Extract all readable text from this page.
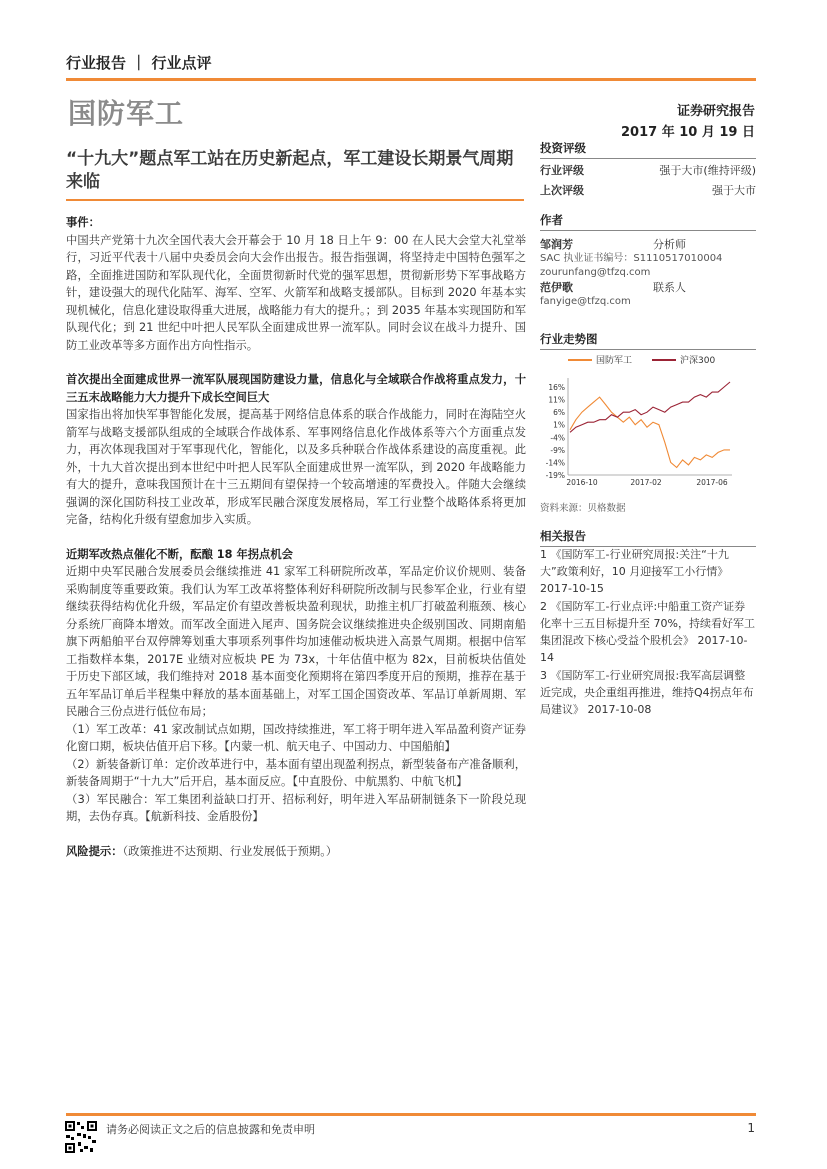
行业报告 ｜ 行业点评
国防军工	证券研究报告
2017 年 10 月 19 日
“十九大”题点军工站在历史新起点，军工建设长期景气周期来临

事件：

中国共产党第十九次全国代表大会开幕会于 10 月 18 日上午 9：00 在人民大会堂大礼堂举行，习近平代表十八届中央委员会向大会作出报告。报告指强调，将坚持走中国特色强军之路，全面推进国防和军队现代化，全面贯彻新时代党的强军思想，贯彻新形势下军事战略方针，建设强大的现代化陆军、海军、空军、火箭军和战略支援部队。目标到 2020 年基本实现机械化，信息化建设取得重大进展，战略能力有大的提升。；到 2035 年基本实现国防和军队现代化；到 21 世纪中叶把人民军队全面建成世界一流军队。同时会议在战斗力提升、国防工业改革等多方面作出方向性指示。

首次提出全面建成世界一流军队展现国防建设力量，信息化与全域联合作战将重点发力，十三五末战略能力大力提升下成长空间巨大

国家指出将加快军事智能化发展，提高基于网络信息体系的联合作战能力，同时在海陆空火箭军与战略支援部队组成的全域联合作战体系、军事网络信息化作战体系等六个方面重点发力，再次体现我国对于军事现代化，智能化，以及多兵种联合作战体系建设的高度重视。此外，十九大首次提出到本世纪中叶把人民军队全面建成世界一流军队，到 2020 年战略能力有大的提升，意味我国预计在十三五期间有望保持一个较高增速的军费投入。伴随大会继续强调的深化国防科技工业改革，形成军民融合深度发展格局，军工行业整个战略体系将更加完备，结构化升级有望愈加步入实质。

近期军改热点催化不断，酝酿 18 年拐点机会

近期中央军民融合发展委员会继续推进 41 家军工科研院所改革，军品定价议价规则、装备采购制度等重要政策。我们认为军工改革将整体利好科研院所改制与民参军企业，行业有望继续获得结构优化升级，军品定价有望改善板块盈利现状，助推主机厂打破盈利瓶颈、核心分系统厂商降本增效。而军改全面进入尾声、国务院会议继续推进央企级别国改、同期南船旗下两船舶平台双停牌筹划重大事项系列事件均加速催动板块进入高景气周期。根据中信军工指数样本集，2017E 业绩对应板块 PE 为 73x，十年估值中枢为 82x，目前板块估值处于历史下部区域，我们维持对 2018 基本面变化预期将在第四季度开启的预期，推荐在基于五年军品订单后半程集中释放的基本面基础上，对军工国企国资改革、军品订单新周期、军民融合三份点进行低位布局；

（1）军工改革：41 家改制试点如期，国改持续推进，军工将于明年进入军品盈利资产证券化窗口期，板块估值开启下移。【内蒙一机、航天电子、中国动力、中国船舶】

（2）新装备新订单：定价改革进行中，基本面有望出现盈利拐点，新型装备布产准备顺利，新装备周期于“十九大”后开启，基本面反应。【中直股份、中航黑豹、中航飞机】

（3）军民融合：军工集团利益缺口打开、招标利好，明年进入军品研制链条下一阶段兑现期，去伪存真。【航新科技、金盾股份】

风险提示：（政策推进不达预期、行业发展低于预期。）

投资评级
行业评级	强于大市(维持评级)
上次评级	强于大市
作者
邹润芳	分析师
SAC 执业证书编号：S1110517010004
zourunfang@tfzq.com
范伊歌	联系人
fanyige@tfzq.com
行业走势图
国防军工	沪深300
16%
11%
6%
1%
-4%
-9%
-14%
-19%
2016-10	2017-02	2017-06
资料来源：贝格数据
相关报告
1 《国防军工-行业研究周报:关注“十九大”政策利好，10 月迎接军工小行情》 2017-10-15
2 《国防军工-行业点评:中船重工资产证券化率十三五目标提升至 70%，持续看好军工集团混改下核心受益个股机会》 2017-10-14
3 《国防军工-行业研究周报:我军高层调整近完成，央企重组再推进，维持Q4拐点年布局建议》 2017-10-08
请务必阅读正文之后的信息披露和免责申明	1
